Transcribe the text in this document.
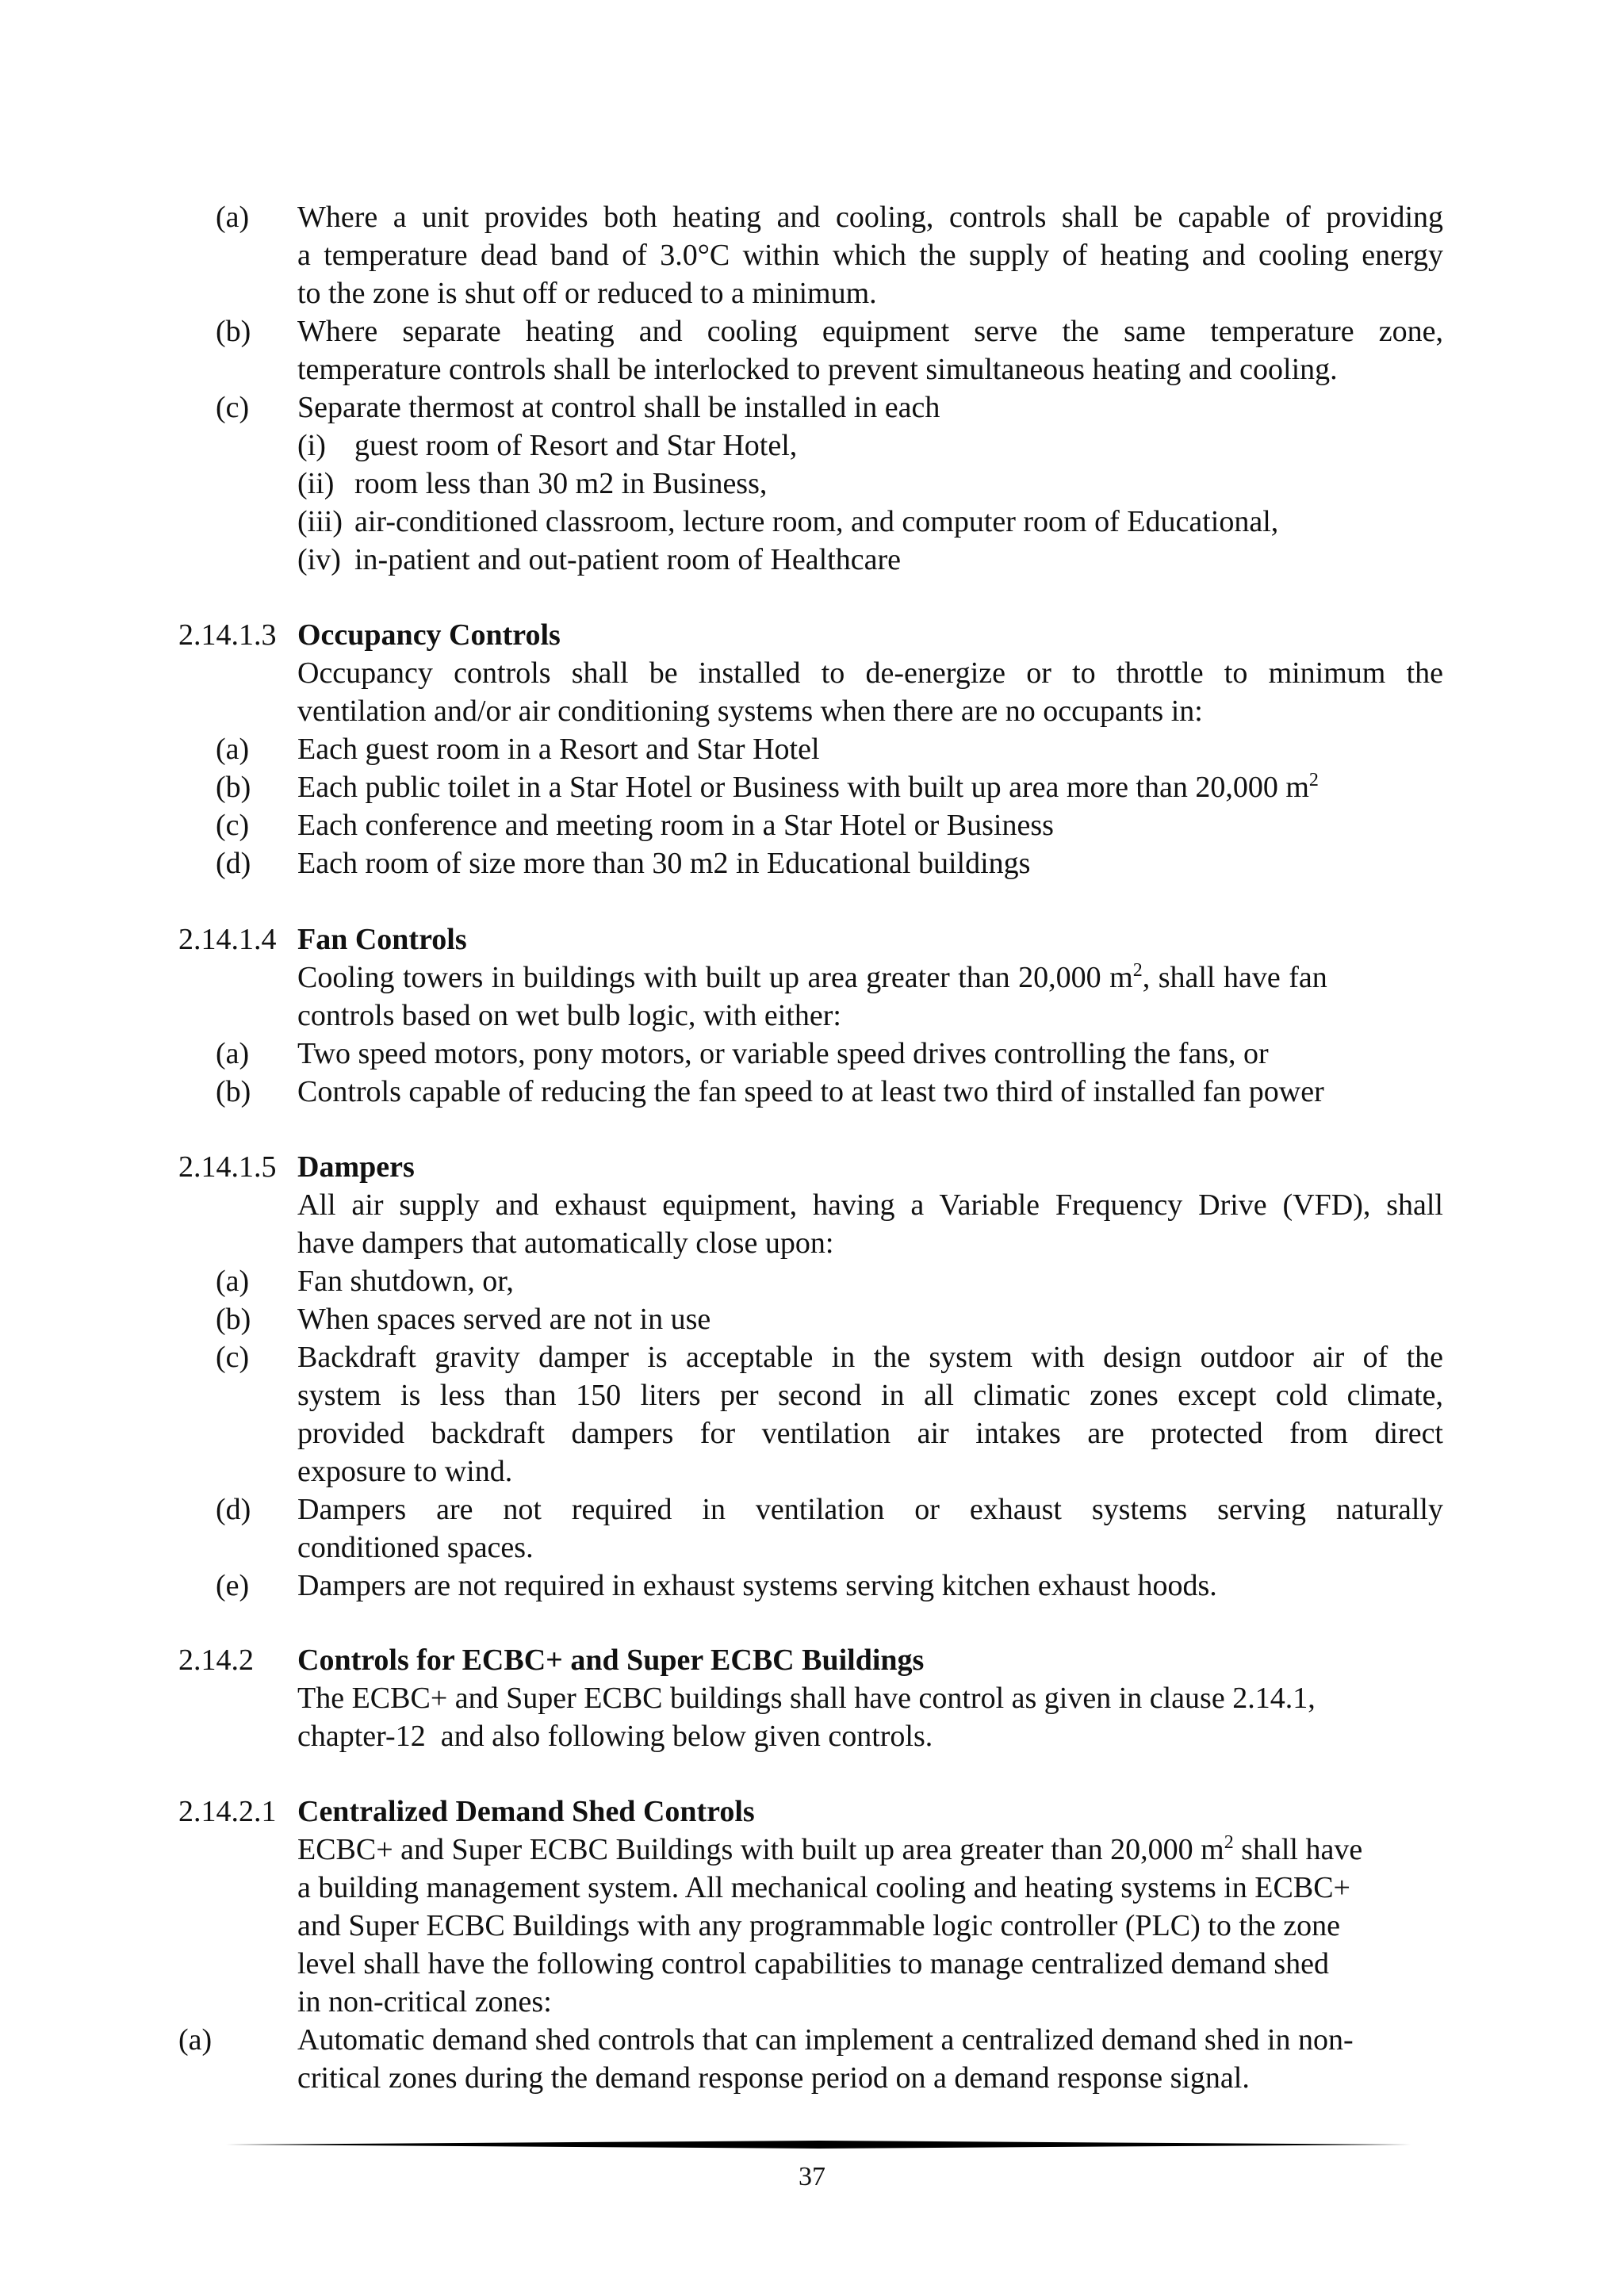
(a) Where a unit provides both heating and cooling, controls shall be capable of providing
a temperature dead band of 3.0°C within which the supply of heating and cooling energy
to the zone is shut off or reduced to a minimum.
(b) Where separate heating and cooling equipment serve the same temperature zone,
temperature controls shall be interlocked to prevent simultaneous heating and cooling.
(c) Separate thermost at control shall be installed in each
(i) guest room of Resort and Star Hotel,
(ii) room less than 30 m2 in Business,
(iii) air-conditioned classroom, lecture room, and computer room of Educational,
(iv) in-patient and out-patient room of Healthcare
2.14.1.3 Occupancy Controls
Occupancy controls shall be installed to de-energize or to throttle to minimum the
ventilation and/or air conditioning systems when there are no occupants in:
(a) Each guest room in a Resort and Star Hotel
(b) Each public toilet in a Star Hotel or Business with built up area more than 20,000 $m^2$
(c) Each conference and meeting room in a Star Hotel or Business
(d) Each room of size more than 30 m2 in Educational buildings
2.14.1.4 Fan Controls
Cooling towers in buildings with built up area greater than 20,000 $m^2$, shall have fan
controls based on wet bulb logic, with either:
(a) Two speed motors, pony motors, or variable speed drives controlling the fans, or
(b) Controls capable of reducing the fan speed to at least two third of installed fan power
2.14.1.5 Dampers
All air supply and exhaust equipment, having a Variable Frequency Drive (VFD), shall
have dampers that automatically close upon:
(a) Fan shutdown, or,
(b) When spaces served are not in use
(c) Backdraft gravity damper is acceptable in the system with design outdoor air of the
system is less than 150 liters per second in all climatic zones except cold climate,
provided backdraft dampers for ventilation air intakes are protected from direct
exposure to wind.
(d) Dampers are not required in ventilation or exhaust systems serving naturally
conditioned spaces.
(e) Dampers are not required in exhaust systems serving kitchen exhaust hoods.
2.14.2 Controls for ECBC+ and Super ECBC Buildings
The ECBC+ and Super ECBC buildings shall have control as given in clause 2.14.1,
chapter-12  and also following below given controls.
2.14.2.1 Centralized Demand Shed Controls
ECBC+ and Super ECBC Buildings with built up area greater than 20,000 $m^2$ shall have
a building management system. All mechanical cooling and heating systems in ECBC+
and Super ECBC Buildings with any programmable logic controller (PLC) to the zone
level shall have the following control capabilities to manage centralized demand shed
in non-critical zones:
(a)	Automatic demand shed controls that can implement a centralized demand shed in non-
critical zones during the demand response period on a demand response signal.
37
